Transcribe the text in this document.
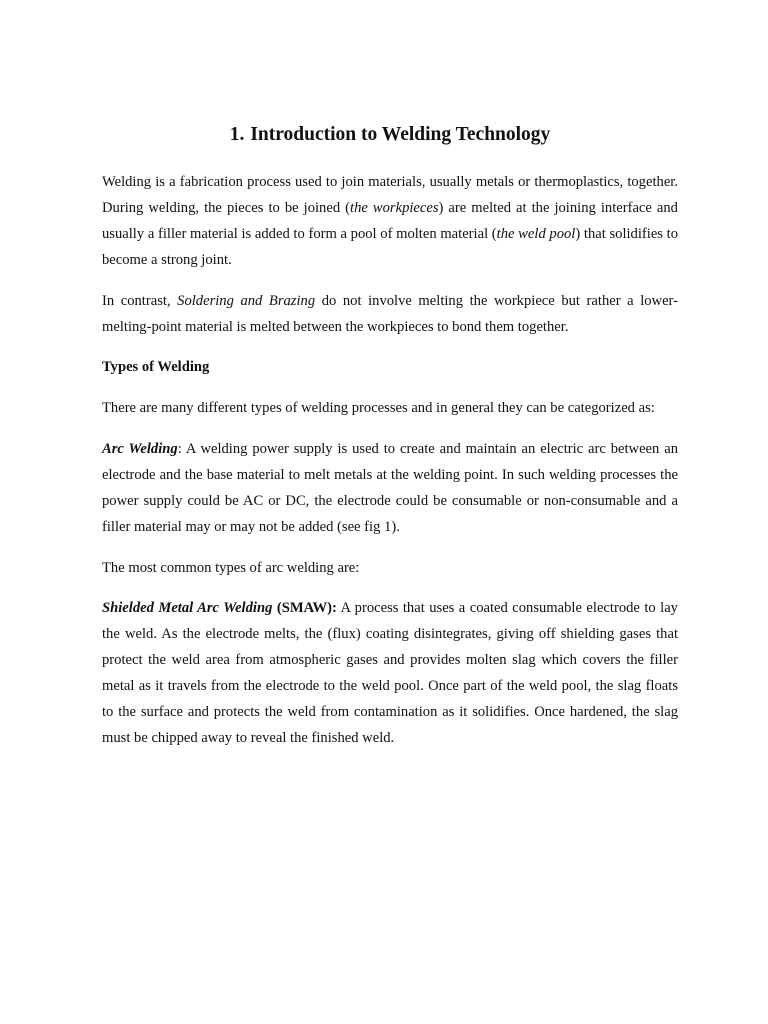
1. Introduction to Welding Technology

Welding is a fabrication process used to join materials, usually metals or thermoplastics, together. During welding, the pieces to be joined (the workpieces) are melted at the joining interface and usually a filler material is added to form a pool of molten material (the weld pool) that solidifies to become a strong joint.

In contrast, Soldering and Brazing do not involve melting the workpiece but rather a lower-melting-point material is melted between the workpieces to bond them together.

Types of Welding

There are many different types of welding processes and in general they can be categorized as:

Arc Welding: A welding power supply is used to create and maintain an electric arc between an electrode and the base material to melt metals at the welding point. In such welding processes the power supply could be AC or DC, the electrode could be consumable or non-consumable and a filler material may or may not be added (see fig 1).

The most common types of arc welding are:

Shielded Metal Arc Welding (SMAW): A process that uses a coated consumable electrode to lay the weld. As the electrode melts, the (flux) coating disintegrates, giving off shielding gases that protect the weld area from atmospheric gases and provides molten slag which covers the filler metal as it travels from the electrode to the weld pool. Once part of the weld pool, the slag floats to the surface and protects the weld from contamination as it solidifies. Once hardened, the slag must be chipped away to reveal the finished weld.
